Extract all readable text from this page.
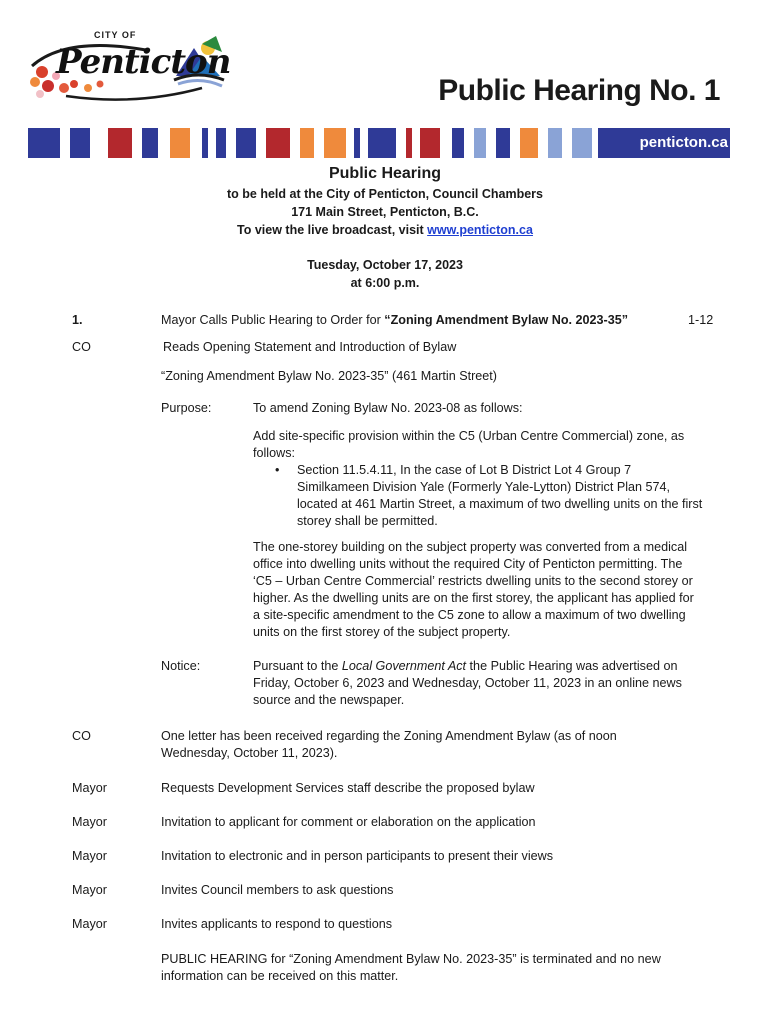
CITY OF
Penticton
Public Hearing No. 1
penticton.ca
Public Hearing
to be held at the City of Penticton, Council Chambers
171 Main Street, Penticton, B.C.
To view the live broadcast, visit www.penticton.ca
Tuesday, October 17, 2023
at 6:00 p.m.
1.	Mayor Calls Public Hearing to Order for “Zoning Amendment Bylaw No. 2023-35”	1-12
CO	Reads Opening Statement and Introduction of Bylaw
“Zoning Amendment Bylaw No. 2023-35” (461 Martin Street)
Purpose:	To amend Zoning Bylaw No. 2023-08 as follows:
Add site-specific provision within the C5 (Urban Centre Commercial) zone, as follows:
• Section 11.5.4.11, In the case of Lot B District Lot 4 Group 7 Similkameen Division Yale (Formerly Yale-Lytton) District Plan 574, located at 461 Martin Street, a maximum of two dwelling units on the first storey shall be permitted.
The one-storey building on the subject property was converted from a medical office into dwelling units without the required City of Penticton permitting. The ‘C5 – Urban Centre Commercial’ restricts dwelling units to the second storey or higher. As the dwelling units are on the first storey, the applicant has applied for a site-specific amendment to the C5 zone to allow a maximum of two dwelling units on the first storey of the subject property.
Notice:	Pursuant to the Local Government Act the Public Hearing was advertised on Friday, October 6, 2023 and Wednesday, October 11, 2023 in an online news source and the newspaper.
CO	One letter has been received regarding the Zoning Amendment Bylaw (as of noon Wednesday, October 11, 2023).
Mayor	Requests Development Services staff describe the proposed bylaw
Mayor	Invitation to applicant for comment or elaboration on the application
Mayor	Invitation to electronic and in person participants to present their views
Mayor	Invites Council members to ask questions
Mayor	Invites applicants to respond to questions
PUBLIC HEARING for “Zoning Amendment Bylaw No. 2023-35” is terminated and no new information can be received on this matter.
